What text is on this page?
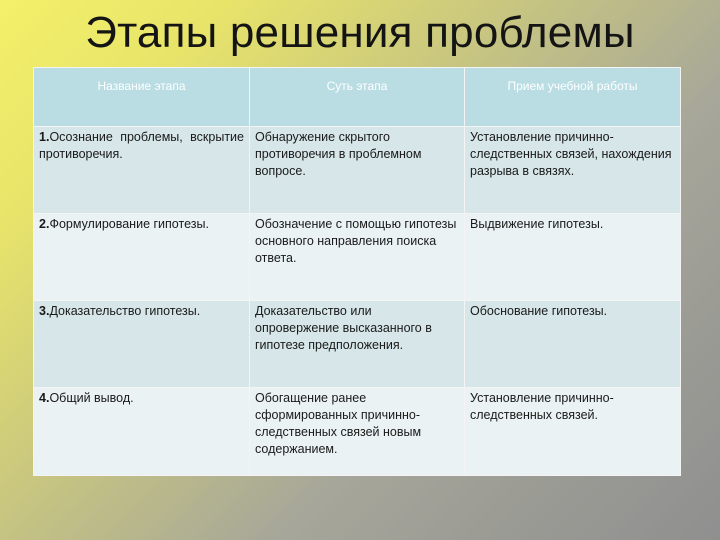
Этапы решения проблемы
Название этапа	Суть этапа	Прием учебной работы
1.Осознание проблемы, вскрытие противоречия.	Обнаружение скрытого противоречия в проблемном вопросе.	Установление причинно-следственных связей, нахождения разрыва в связях.
2.Формулирование гипотезы.	Обозначение с помощью гипотезы основного направления поиска ответа.	Выдвижение гипотезы.
3.Доказательство гипотезы.	Доказательство или опровержение высказанного в гипотезе предположения.	Обоснование гипотезы.
4.Общий вывод.	Обогащение ранее сформированных причинно-следственных связей новым содержанием.	Установление причинно-следственных связей.
